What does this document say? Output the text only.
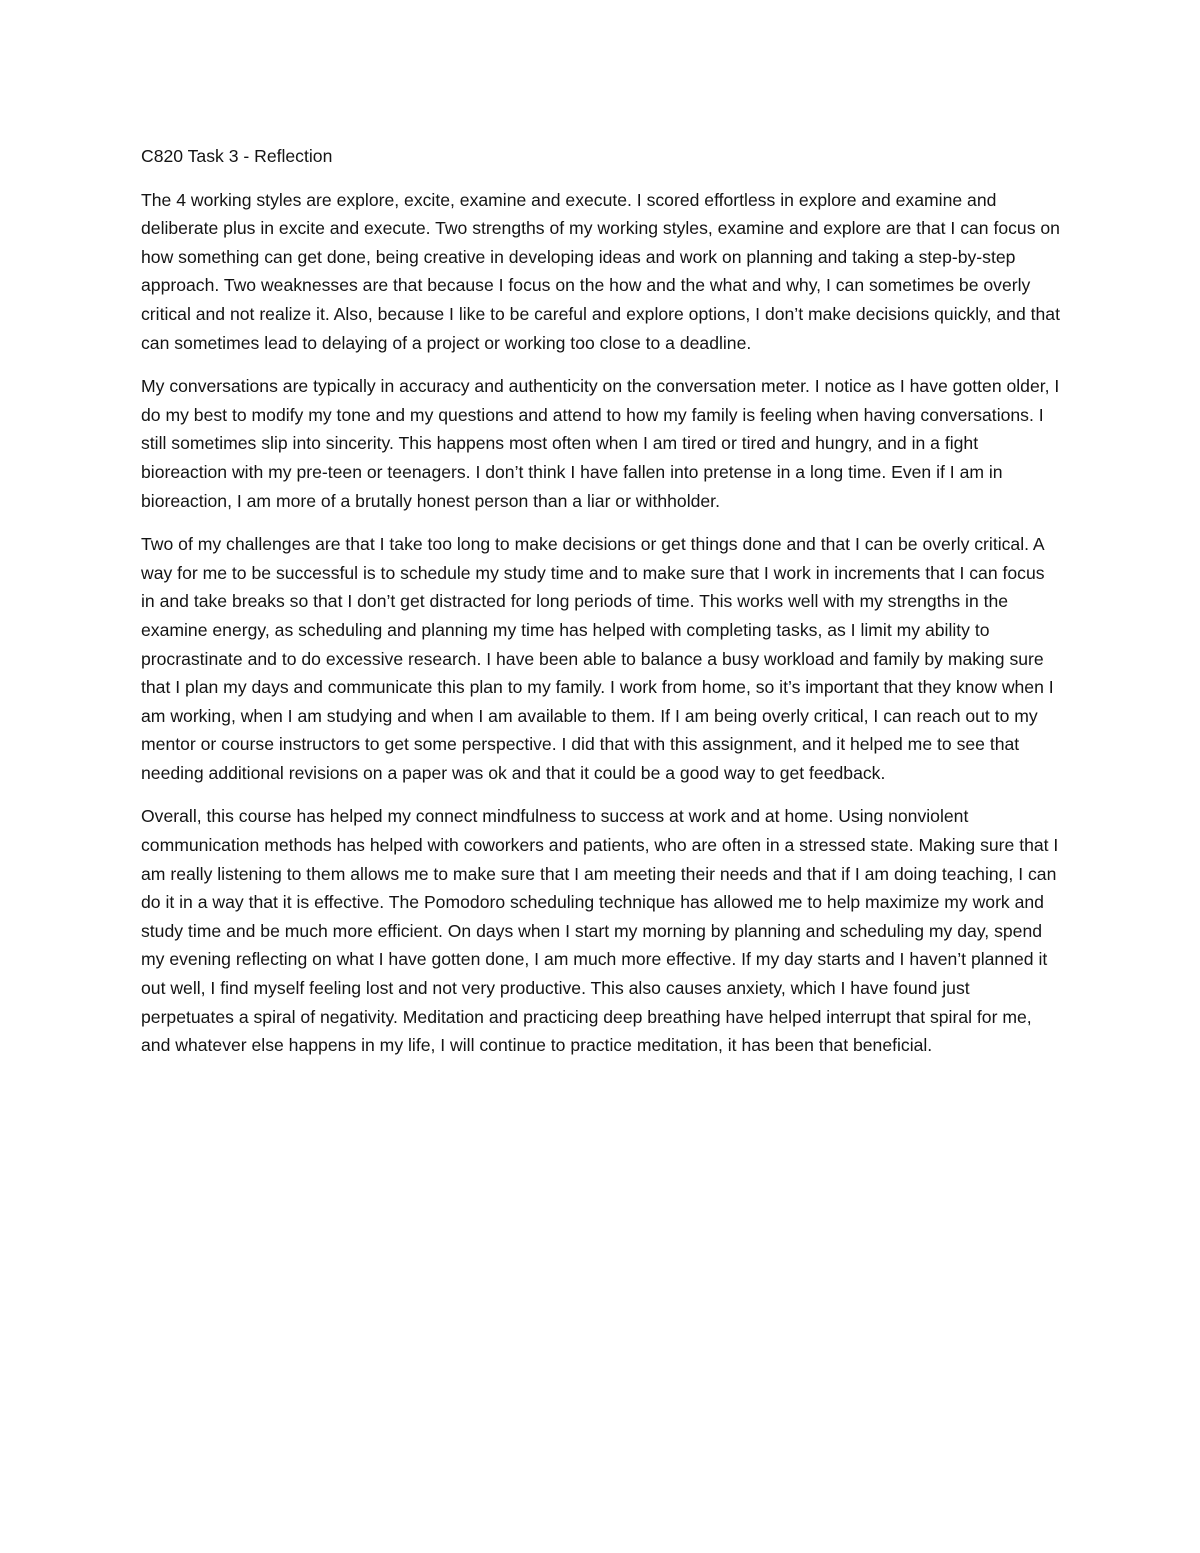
C820 Task 3 - Reflection

The 4 working styles are explore, excite, examine and execute. I scored effortless in explore and examine and deliberate plus in excite and execute. Two strengths of my working styles, examine and explore are that I can focus on how something can get done, being creative in developing ideas and work on planning and taking a step-by-step approach. Two weaknesses are that because I focus on the how and the what and why, I can sometimes be overly critical and not realize it. Also, because I like to be careful and explore options, I don’t make decisions quickly, and that can sometimes lead to delaying of a project or working too close to a deadline.

My conversations are typically in accuracy and authenticity on the conversation meter. I notice as I have gotten older, I do my best to modify my tone and my questions and attend to how my family is feeling when having conversations. I still sometimes slip into sincerity. This happens most often when I am tired or tired and hungry, and in a fight bioreaction with my pre-teen or teenagers. I don’t think I have fallen into pretense in a long time. Even if I am in bioreaction, I am more of a brutally honest person than a liar or withholder.

Two of my challenges are that I take too long to make decisions or get things done and that I can be overly critical. A way for me to be successful is to schedule my study time and to make sure that I work in increments that I can focus in and take breaks so that I don’t get distracted for long periods of time. This works well with my strengths in the examine energy, as scheduling and planning my time has helped with completing tasks, as I limit my ability to procrastinate and to do excessive research. I have been able to balance a busy workload and family by making sure that I plan my days and communicate this plan to my family. I work from home, so it’s important that they know when I am working, when I am studying and when I am available to them. If I am being overly critical, I can reach out to my mentor or course instructors to get some perspective. I did that with this assignment, and it helped me to see that needing additional revisions on a paper was ok and that it could be a good way to get feedback.

Overall, this course has helped my connect mindfulness to success at work and at home. Using nonviolent communication methods has helped with coworkers and patients, who are often in a stressed state. Making sure that I am really listening to them allows me to make sure that I am meeting their needs and that if I am doing teaching, I can do it in a way that it is effective. The Pomodoro scheduling technique has allowed me to help maximize my work and study time and be much more efficient. On days when I start my morning by planning and scheduling my day, spend my evening reflecting on what I have gotten done, I am much more effective. If my day starts and I haven’t planned it out well, I find myself feeling lost and not very productive. This also causes anxiety, which I have found just perpetuates a spiral of negativity. Meditation and practicing deep breathing have helped interrupt that spiral for me, and whatever else happens in my life, I will continue to practice meditation, it has been that beneficial.
